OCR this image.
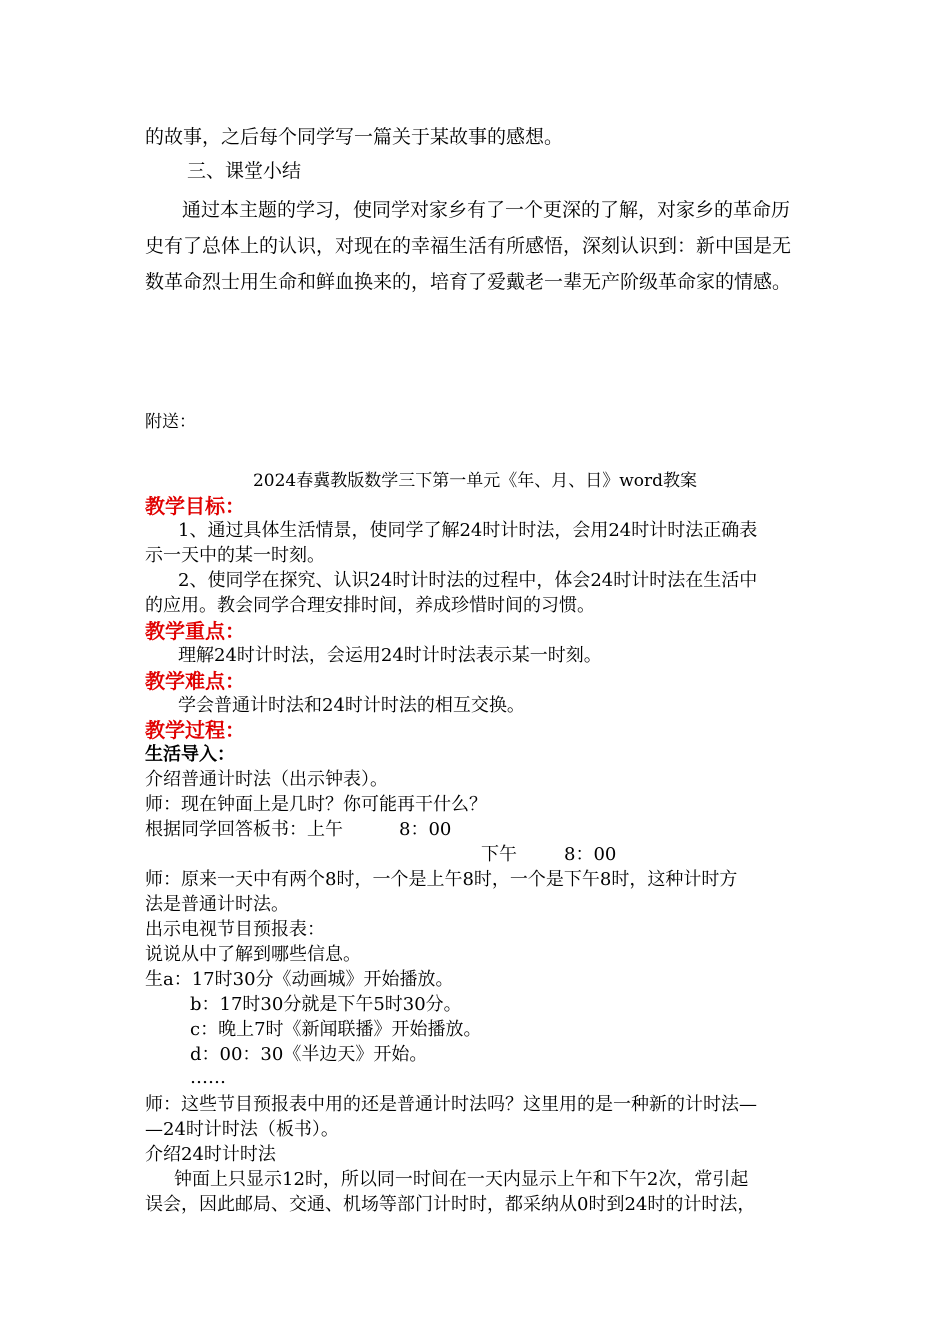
的故事，之后每个同学写一篇关于某故事的感想。
三、课堂小结
通过本主题的学习，使同学对家乡有了一个更深的了解，对家乡的革命历
史有了总体上的认识，对现在的幸福生活有所感悟，深刻认识到：新中国是无
数革命烈士用生命和鲜血换来的，培育了爱戴老一辈无产阶级革命家的情感。
附送：
2024春冀教版数学三下第一单元《年、月、日》word教案
教学目标：
1、通过具体生活情景，使同学了解24时计时法，会用24时计时法正确表
示一天中的某一时刻。
2、使同学在探究、认识24时计时法的过程中，体会24时计时法在生活中
的应用。教会同学合理安排时间，养成珍惜时间的习惯。
教学重点：
理解24时计时法，会运用24时计时法表示某一时刻。
教学难点：
学会普通计时法和24时计时法的相互交换。
教学过程：
生活导入：
介绍普通计时法（出示钟表）。
师：现在钟面上是几时？你可能再干什么？
根据同学回答板书：上午	8：00
下午	8：00
师：原来一天中有两个8时，一个是上午8时，一个是下午8时，这种计时方
法是普通计时法。
出示电视节目预报表：
说说从中了解到哪些信息。
生a：17时30分《动画城》开始播放。
b：17时30分就是下午5时30分。
c：晚上7时《新闻联播》开始播放。
d：00：30《半边天》开始。
……
师：这些节目预报表中用的还是普通计时法吗？这里用的是一种新的计时法—
—24时计时法（板书）。
介绍24时计时法
钟面上只显示12时，所以同一时间在一天内显示上午和下午2次，常引起
误会，因此邮局、交通、机场等部门计时时，都采纳从0时到24时的计时法，
